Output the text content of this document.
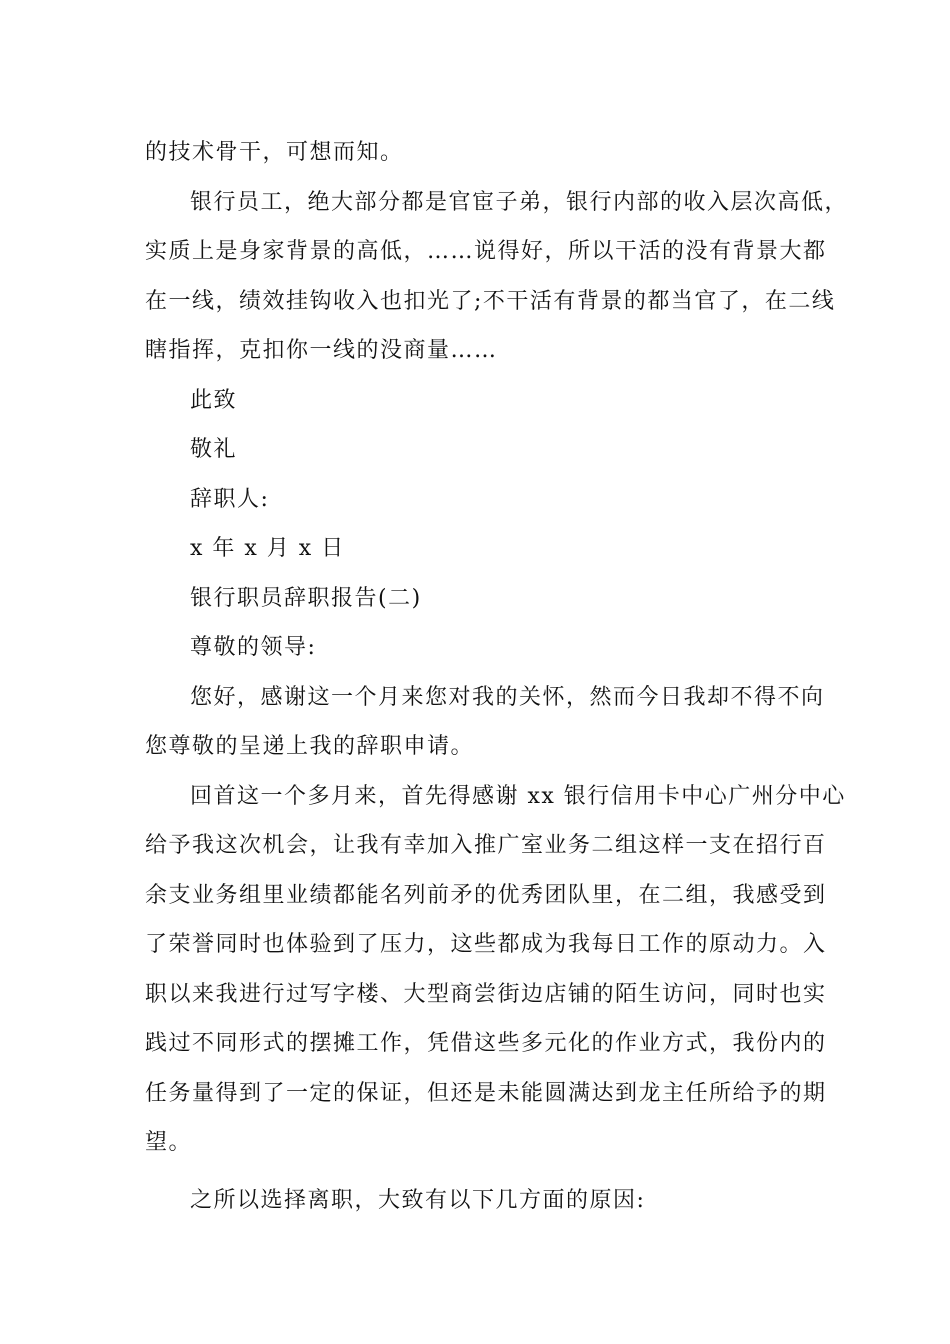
的技术骨干，可想而知。
银行员工，绝大部分都是官宦子弟，银行内部的收入层次高低，
实质上是身家背景的高低，……说得好，所以干活的没有背景大都
在一线，绩效挂钩收入也扣光了;不干活有背景的都当官了，在二线
瞎指挥，克扣你一线的没商量……
此致
敬礼
辞职人:
x 年 x 月 x 日
银行职员辞职报告(二)
尊敬的领导:
您好，感谢这一个月来您对我的关怀，然而今日我却不得不向
您尊敬的呈递上我的辞职申请。
回首这一个多月来，首先得感谢 xx 银行信用卡中心广州分中心
给予我这次机会，让我有幸加入推广室业务二组这样一支在招行百
余支业务组里业绩都能名列前矛的优秀团队里，在二组，我感受到
了荣誉同时也体验到了压力，这些都成为我每日工作的原动力。入
职以来我进行过写字楼、大型商尝街边店铺的陌生访问，同时也实
践过不同形式的摆摊工作，凭借这些多元化的作业方式，我份内的
任务量得到了一定的保证，但还是未能圆满达到龙主任所给予的期
望。
之所以选择离职，大致有以下几方面的原因:
